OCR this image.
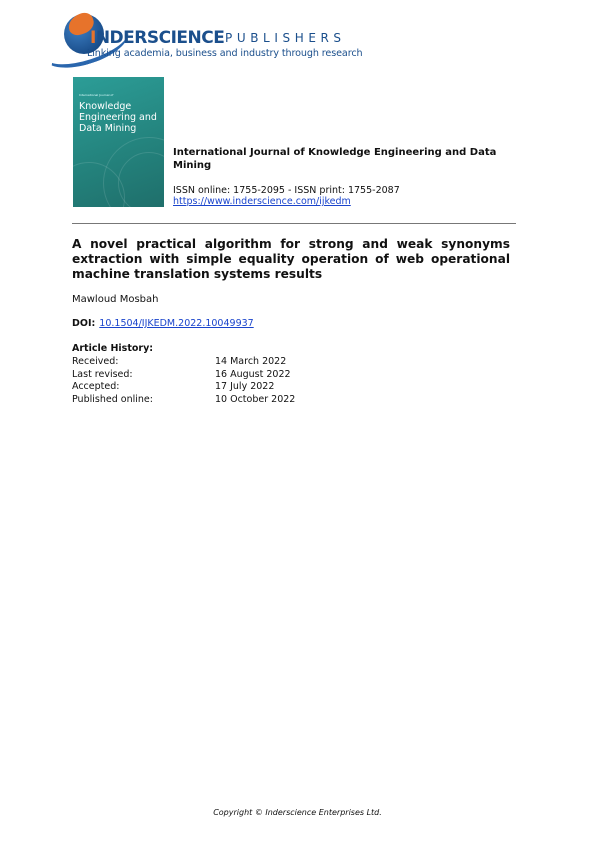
INDERSCIENCE PUBLISHERS
Linking academia, business and industry through research
International Journal of
Knowledge Engineering and Data Mining
International Journal of Knowledge Engineering and Data Mining
ISSN online: 1755-2095 - ISSN print: 1755-2087
https://www.inderscience.com/ijkedm
A novel practical algorithm for strong and weak synonyms extraction with simple equality operation of web operational machine translation systems results
Mawloud Mosbah
DOI: 10.1504/IJKEDM.2022.10049937
Article History:
Received:	14 March 2022
Last revised:	16 August 2022
Accepted:	17 July 2022
Published online:	10 October 2022
Copyright © Inderscience Enterprises Ltd.
